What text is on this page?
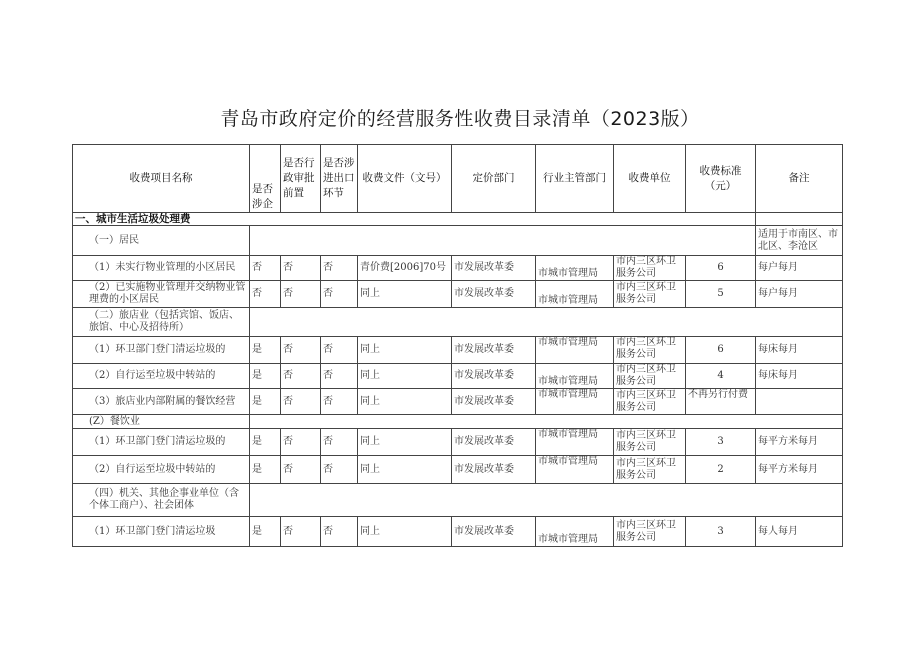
青岛市政府定价的经营服务性收费目录清单（2023版）
收费项目名称	是否涉企	是否行政审批前置	是否涉进出口环节	收费文件（文号）	定价部门	行业主管部门	收费单位	收费标准（元）	备注
一、城市生活垃圾处理费									
（一）居民									适用于市南区、市北区、李沧区
（1）未实行物业管理的小区居民	否	否	否	青价费[2006]70号	市发展改革委	市城市管理局	市内三区环卫服务公司	6	每户每月
（2）已实施物业管理并交纳物业管理费的小区居民	否	否	否	同上	市发展改革委	市城市管理局	市内三区环卫服务公司	5	每户每月
（二）旅店业（包括宾馆、饭店、旅馆、中心及招待所）									
（1）环卫部门登门清运垃圾的	是	否	否	同上	市发展改革委	市城市管理局	市内三区环卫服务公司	6	每床每月
（2）自行运至垃圾中转站的	是	否	否	同上	市发展改革委	市城市管理局	市内三区环卫服务公司	4	每床每月
（3）旅店业内部附属的餐饮经营	是	否	否	同上	市发展改革委	市城市管理局	市内三区环卫服务公司	不再另行付费	
(Z）餐饮业									
（1）环卫部门登门清运垃圾的	是	否	否	同上	市发展改革委	市城市管理局	市内三区环卫服务公司	3	每平方米每月
（2）自行运至垃圾中转站的	是	否	否	同上	市发展改革委	市城市管理局	市内三区环卫服务公司	2	每平方米每月
（四）机关、其他企事业单位（含个体工商户）、社会团体									
（1）环卫部门登门清运垃圾	是	否	否	同上	市发展改革委	市城市管理局	市内三区环卫服务公司	3	每人每月
